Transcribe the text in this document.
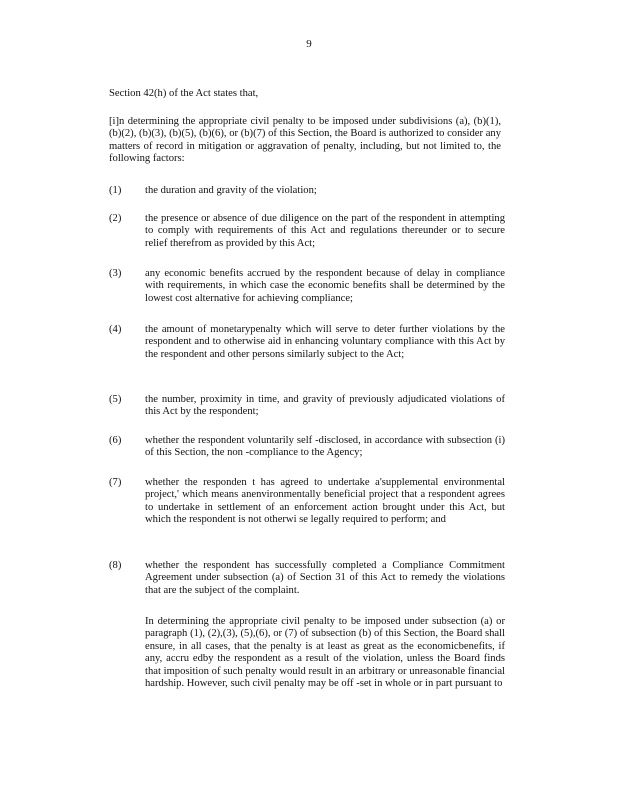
9
Section 42(h) of the Act states that,
[i]n determining the appropriate civil penalty to be imposed under subdivisions (a), (b)(1), (b)(2), (b)(3), (b)(5), (b)(6), or (b)(7) of this Section, the Board is authorized to consider any matters of record in mitigation or aggravation of penalty, including, but not limited to, the following factors:
(1)	the duration and gravity of the violation;
(2)	the presence or absence of due diligence on the part of the respondent in attempting to comply with requirements of this Act and regulations thereunder or to secure relief therefrom as provided by this Act;
(3)	any economic benefits accrued by the respondent because of delay in compliance with requirements, in which case the economic benefits shall be determined by the lowest cost alternative for achieving compliance;
(4)	the amount of monetarypenalty which will serve to deter further violations by the respondent and to otherwise aid in enhancing voluntary compliance with this Act by the respondent and other persons similarly subject to the Act;
(5)	the number, proximity in time, and gravity of previously adjudicated violations of this Act by the respondent;
(6)	whether the respondent voluntarily self -disclosed, in accordance with subsection (i) of this Section, the non -compliance to the Agency;
(7)	whether the responden t has agreed to undertake a'supplemental environmental project,' which means anenvironmentally beneficial project that a respondent agrees to undertake in settlement of an enforcement action brought under this Act, but which the respondent is not otherwi se legally required to perform; and
(8)	whether the respondent has successfully completed a Compliance Commitment Agreement under subsection (a) of Section 31 of this Act to remedy the violations that are the subject of the complaint.
In determining the appropriate civil penalty to be imposed under subsection (a) or paragraph (1), (2),(3), (5),(6), or (7) of subsection (b) of this Section, the Board shall ensure, in all cases, that the penalty is at least as great as the economicbenefits, if any, accru edby the respondent as a result of the violation, unless the Board finds that imposition of such penalty would result in an arbitrary or unreasonable financial hardship. However, such civil penalty may be off -set in whole or in part pursuant to
